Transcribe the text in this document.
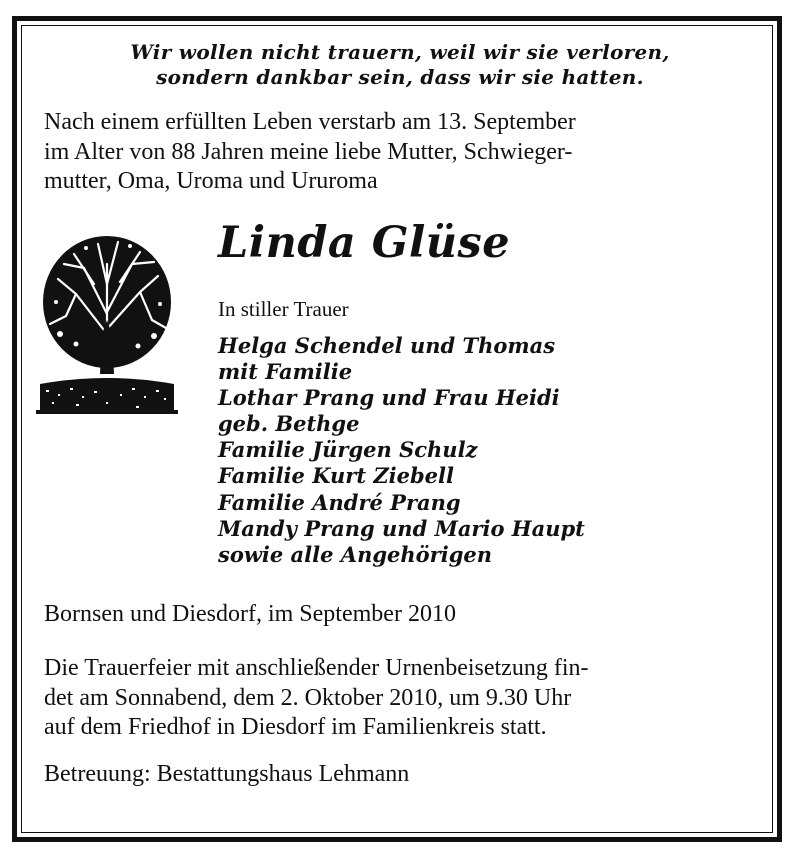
Wir wollen nicht trauern, weil wir sie verloren,
sondern dankbar sein, dass wir sie hatten.
Nach einem erfüllten Leben verstarb am 13. September
im Alter von 88 Jahren meine liebe Mutter, Schwieger-
mutter, Oma, Uroma und Ururoma
Linda Glüse
In stiller Trauer
Helga Schendel und Thomas
mit Familie
Lothar Prang und Frau Heidi
geb. Bethge
Familie Jürgen Schulz
Familie Kurt Ziebell
Familie André Prang
Mandy Prang und Mario Haupt
sowie alle Angehörigen
Bornsen und Diesdorf, im September 2010
Die Trauerfeier mit anschließender Urnenbeisetzung fin-
det am Sonnabend, dem 2. Oktober 2010, um 9.30 Uhr
auf dem Friedhof in Diesdorf im Familienkreis statt.
Betreuung: Bestattungshaus Lehmann
